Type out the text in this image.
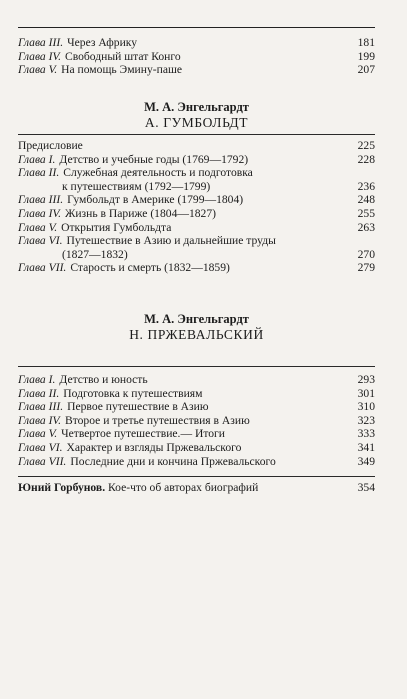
Глава III. Через Африку	181
Глава IV. Свободный штат Конго	199
Глава V. На помощь Эмину-паше	207
М. А. Энгельгардт
А. ГУМБОЛЬДТ
Предисловие	225
Глава I. Детство и учебные годы (1769—1792)	228
Глава II. Служебная деятельность и подготовка
к путешествиям (1792—1799)	236
Глава III. Гумбольдт в Америке (1799—1804)	248
Глава IV. Жизнь в Париже (1804—1827)	255
Глава V. Открытия Гумбольдта	263
Глава VI. Путешествие в Азию и дальнейшие труды
(1827—1832)	270
Глава VII. Старость и смерть (1832—1859)	279
М. А. Энгельгардт
Н. ПРЖЕВАЛЬСКИЙ
Глава I. Детство и юность	293
Глава II. Подготовка к путешествиям	301
Глава III. Первое путешествие в Азию	310
Глава IV. Второе и третье путешествия в Азию	323
Глава V. Четвертое путешествие.— Итоги	333
Глава VI. Характер и взгляды Пржевальского	341
Глава VII. Последние дни и кончина Пржевальского	349
Юний Горбунов. Кое-что об авторах биографий	354
